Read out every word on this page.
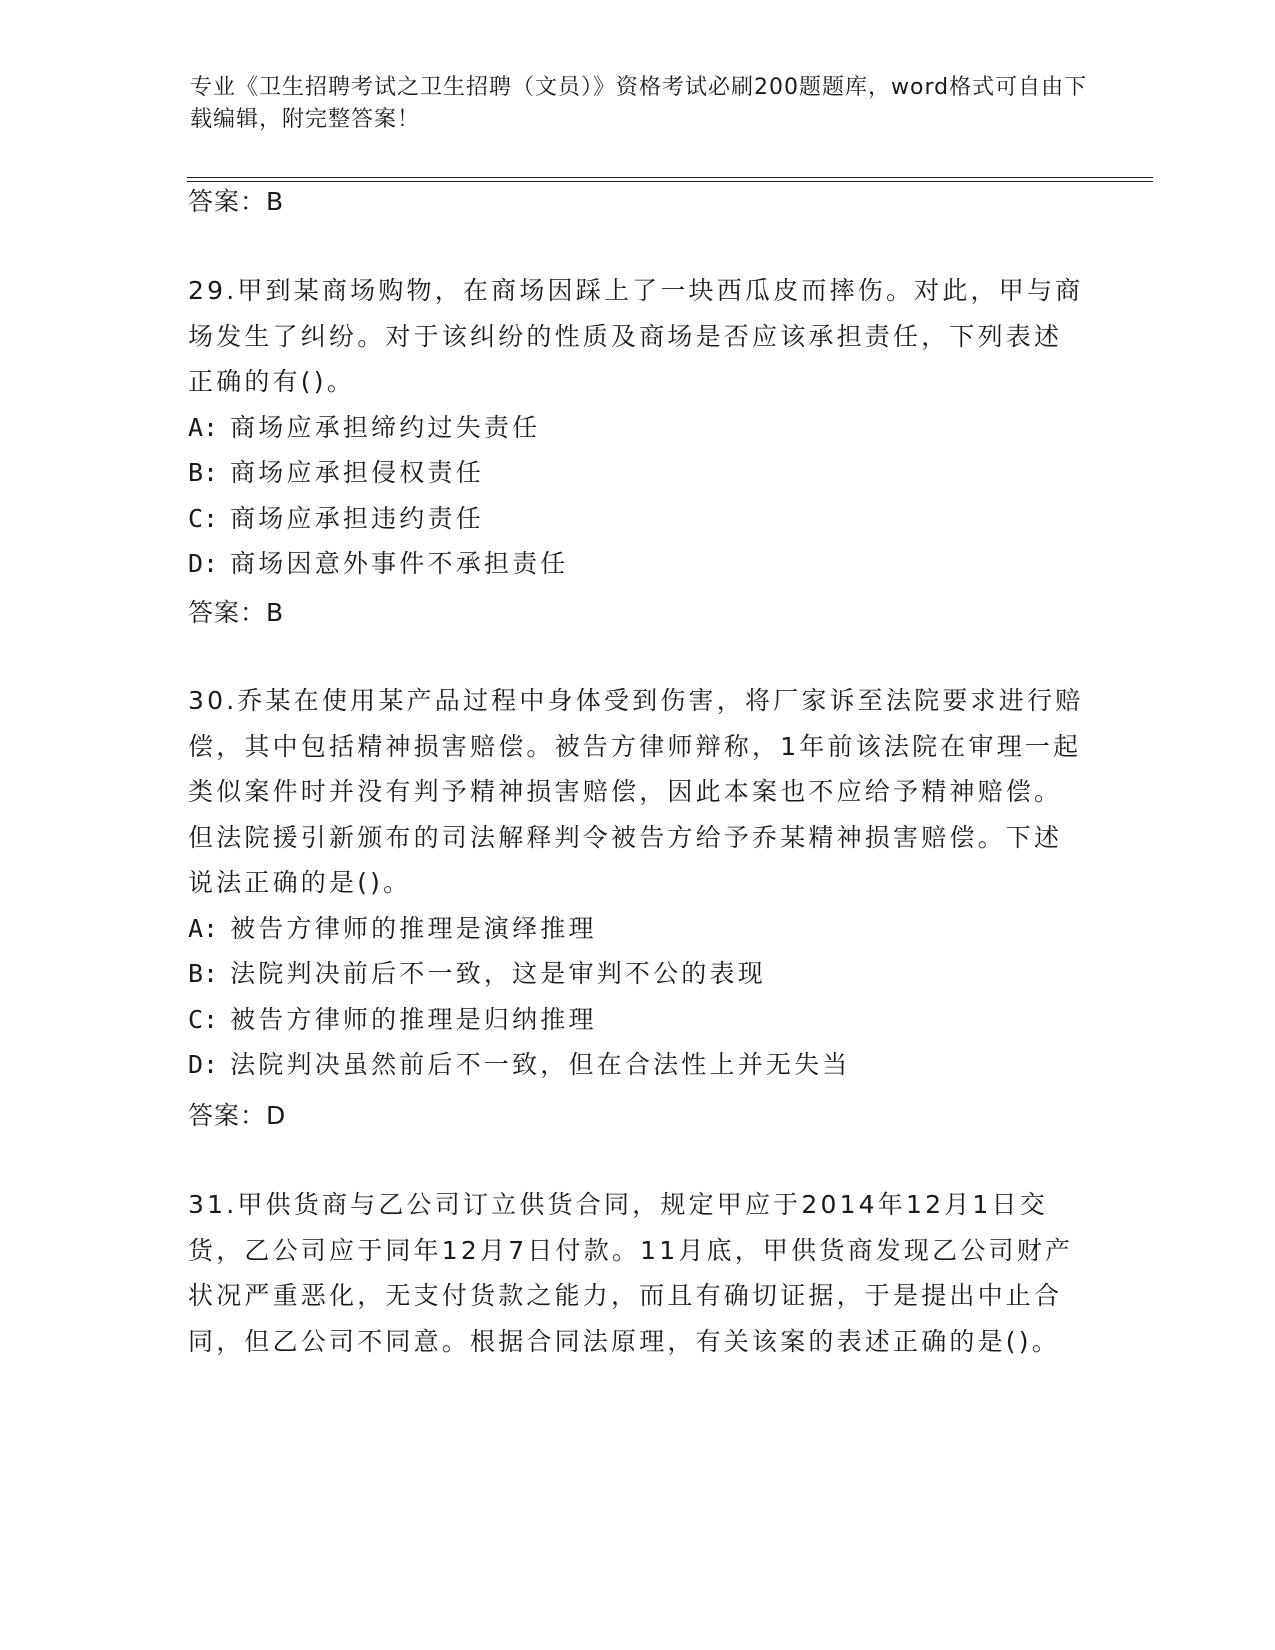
专业《卫生招聘考试之卫生招聘（文员）》资格考试必刷200题题库，word格式可自由下载编辑，附完整答案！
答案：B

29.甲到某商场购物，在商场因踩上了一块西瓜皮而摔伤。对此，甲与商场发生了纠纷。对于该纠纷的性质及商场是否应该承担责任，下列表述正确的有()。

A: 商场应承担缔约过失责任

B: 商场应承担侵权责任

C: 商场应承担违约责任

D: 商场因意外事件不承担责任

答案：B

30.乔某在使用某产品过程中身体受到伤害，将厂家诉至法院要求进行赔偿，其中包括精神损害赔偿。被告方律师辩称，1年前该法院在审理一起类似案件时并没有判予精神损害赔偿，因此本案也不应给予精神赔偿。但法院援引新颁布的司法解释判令被告方给予乔某精神损害赔偿。下述说法正确的是()。

A: 被告方律师的推理是演绎推理

B: 法院判决前后不一致，这是审判不公的表现

C: 被告方律师的推理是归纳推理

D: 法院判决虽然前后不一致，但在合法性上并无失当

答案：D

31.甲供货商与乙公司订立供货合同，规定甲应于2014年12月1日交货，乙公司应于同年12月7日付款。11月底，甲供货商发现乙公司财产状况严重恶化，无支付货款之能力，而且有确切证据，于是提出中止合同，但乙公司不同意。根据合同法原理，有关该案的表述正确的是()。
